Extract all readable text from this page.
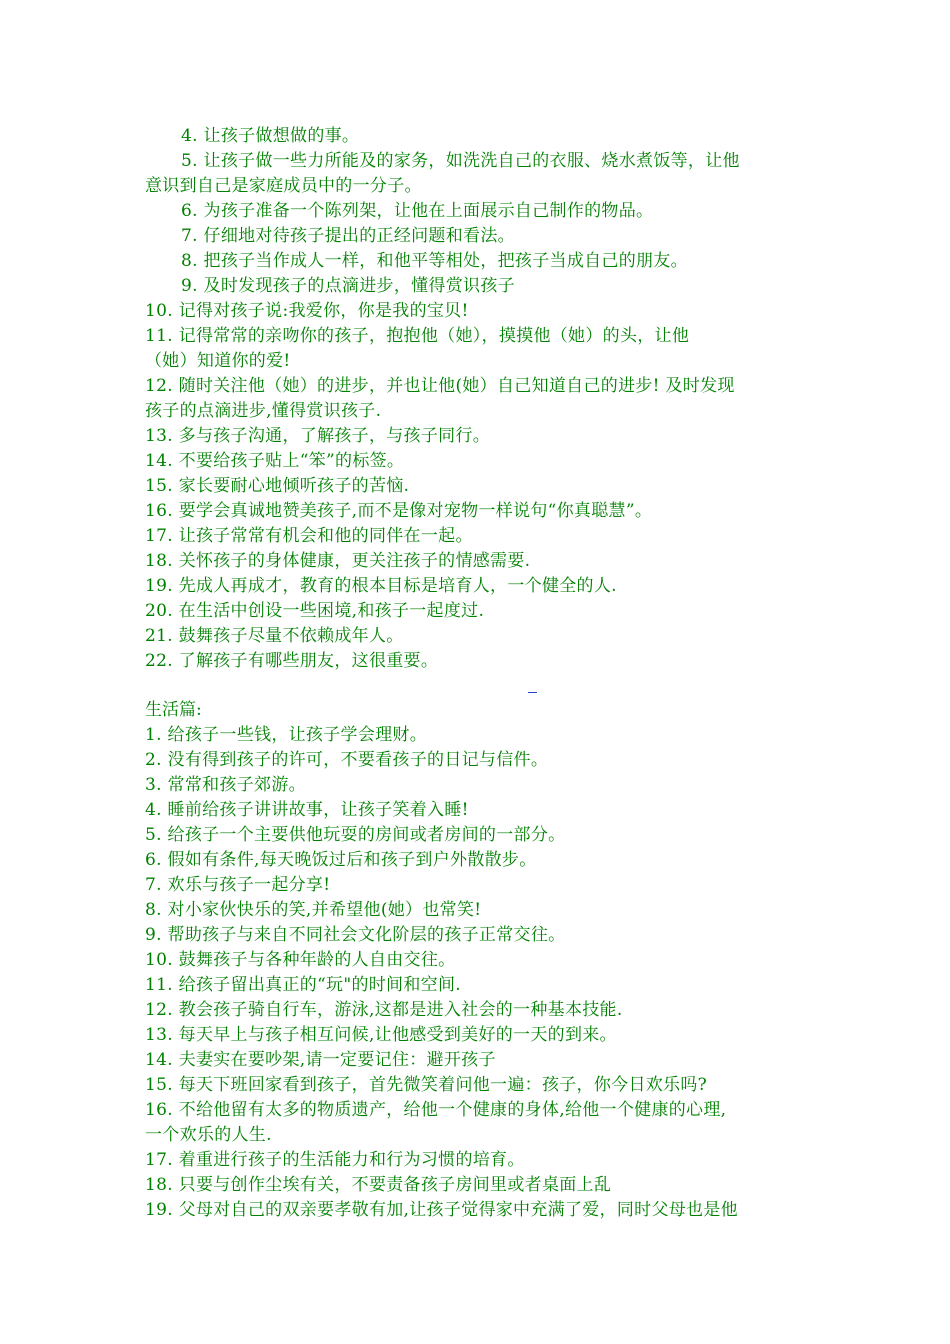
4. 让孩子做想做的事。
5. 让孩子做一些力所能及的家务，如洗洗自己的衣服、烧水煮饭等，让他
意识到自己是家庭成员中的一分子。
6. 为孩子准备一个陈列架，让他在上面展示自己制作的物品。
7. 仔细地对待孩子提出的正经问题和看法。
8. 把孩子当作成人一样，和他平等相处，把孩子当成自己的朋友。
9. 及时发现孩子的点滴进步，懂得赏识孩子
10. 记得对孩子说:我爱你，你是我的宝贝!
11. 记得常常的亲吻你的孩子，抱抱他（她），摸摸他（她）的头，让他
（她）知道你的爱!
12. 随时关注他（她）的进步，并也让他(她）自己知道自己的进步! 及时发现
孩子的点滴进步,懂得赏识孩子.
13. 多与孩子沟通，了解孩子，与孩子同行。
14. 不要给孩子贴上“笨”的标签。
15. 家长要耐心地倾听孩子的苦恼.
16. 要学会真诚地赞美孩子,而不是像对宠物一样说句“你真聪慧”。
17. 让孩子常常有机会和他的同伴在一起。
18. 关怀孩子的身体健康，更关注孩子的情感需要.
19. 先成人再成才，教育的根本目标是培育人，一个健全的人.
20. 在生活中创设一些困境,和孩子一起度过.
21. 鼓舞孩子尽量不依赖成年人。
22. 了解孩子有哪些朋友，这很重要。
生活篇:
1. 给孩子一些钱，让孩子学会理财。
2. 没有得到孩子的许可，不要看孩子的日记与信件。
3. 常常和孩子郊游。
4. 睡前给孩子讲讲故事，让孩子笑着入睡!
5. 给孩子一个主要供他玩耍的房间或者房间的一部分。
6. 假如有条件,每天晚饭过后和孩子到户外散散步。
7. 欢乐与孩子一起分享!
8. 对小家伙快乐的笑,并希望他(她）也常笑!
9. 帮助孩子与来自不同社会文化阶层的孩子正常交往。
10. 鼓舞孩子与各种年龄的人自由交往。
11. 给孩子留出真正的“玩"的时间和空间.
12. 教会孩子骑自行车，游泳,这都是进入社会的一种基本技能.
13. 每天早上与孩子相互问候,让他感受到美好的一天的到来。
14. 夫妻实在要吵架,请一定要记住：避开孩子
15. 每天下班回家看到孩子，首先微笑着问他一遍：孩子，你今日欢乐吗?
16. 不给他留有太多的物质遗产，给他一个健康的身体,给他一个健康的心理,
一个欢乐的人生.
17. 着重进行孩子的生活能力和行为习惯的培育。
18. 只要与创作尘埃有关，不要责备孩子房间里或者桌面上乱
19. 父母对自己的双亲要孝敬有加,让孩子觉得家中充满了爱，同时父母也是他
